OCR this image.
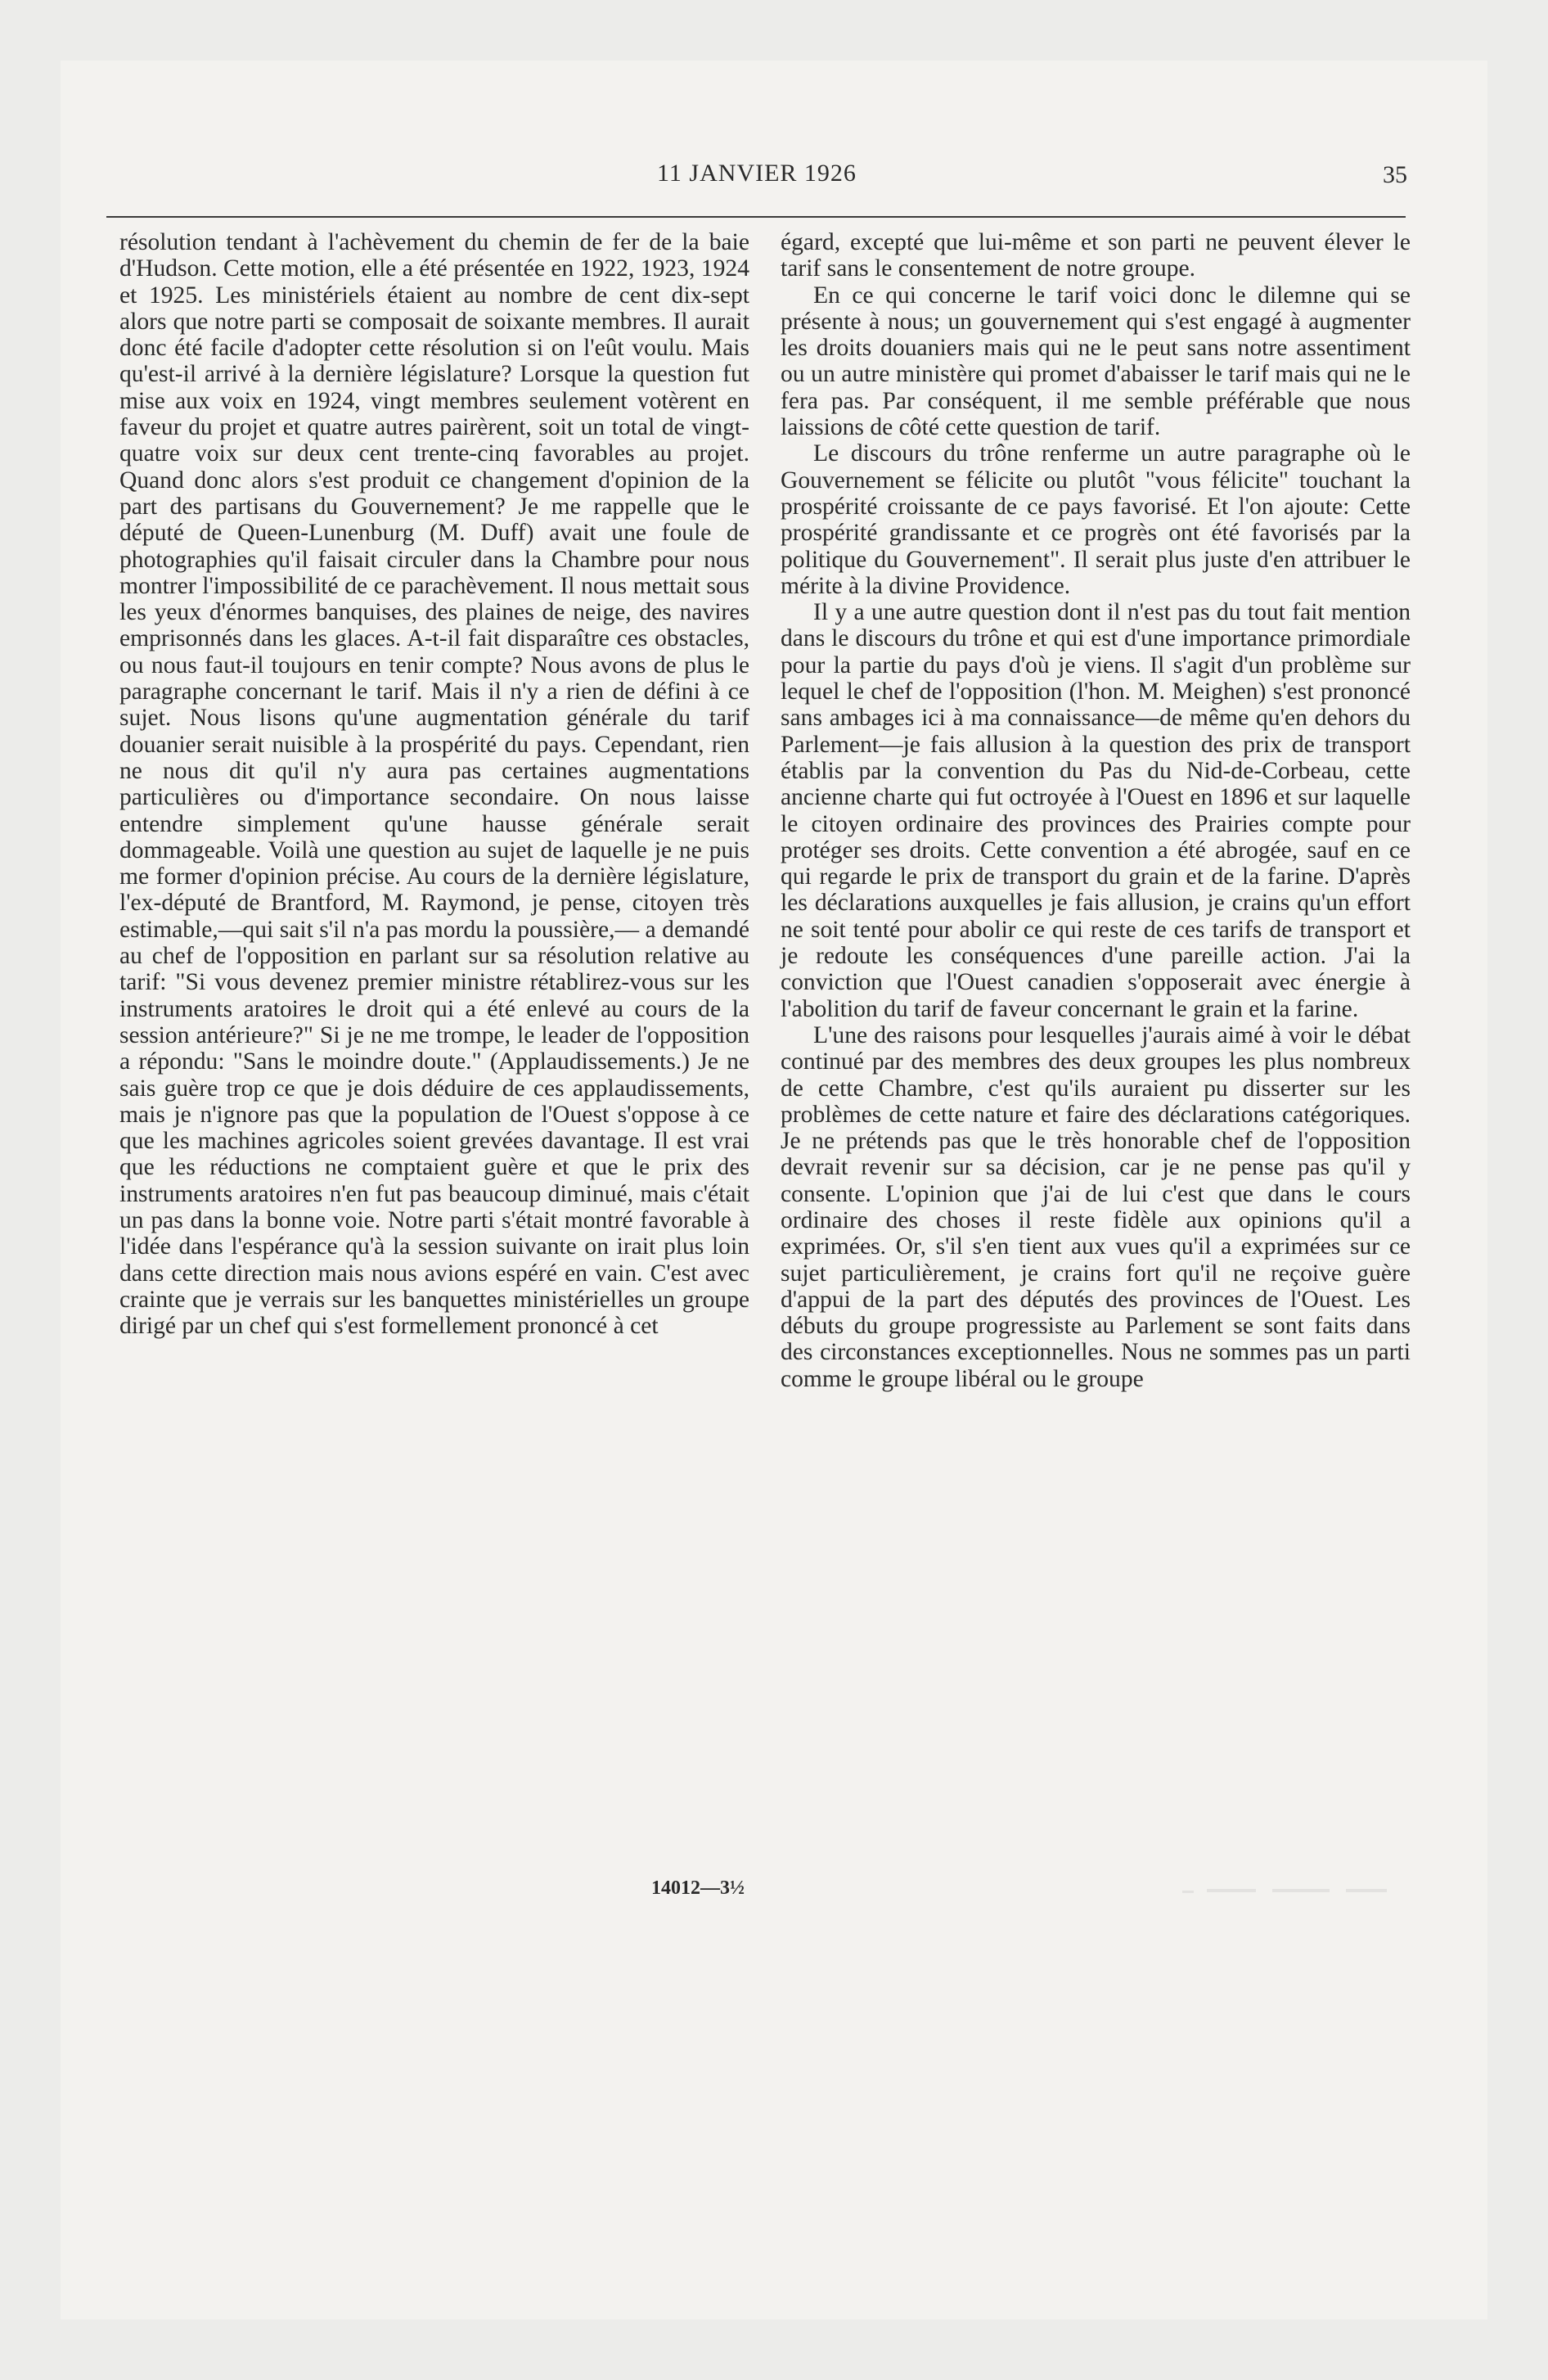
11 JANVIER 1926	35

résolution tendant à l'achèvement du chemin de fer de la baie d'Hudson. Cette motion, elle a été présentée en 1922, 1923, 1924 et 1925. Les ministériels étaient au nombre de cent dix-sept alors que notre parti se composait de soixante membres. Il aurait donc été facile d'adopter cette résolution si on l'eût voulu. Mais qu'est-il arrivé à la dernière législature? Lorsque la question fut mise aux voix en 1924, vingt membres seulement votèrent en faveur du projet et quatre autres pairèrent, soit un total de vingt-quatre voix sur deux cent trente-cinq favorables au projet. Quand donc alors s'est produit ce changement d'opinion de la part des partisans du Gouvernement? Je me rappelle que le député de Queen-Lunenburg (M. Duff) avait une foule de photographies qu'il faisait circuler dans la Chambre pour nous montrer l'impossibilité de ce parachèvement. Il nous mettait sous les yeux d'énormes banquises, des plaines de neige, des navires emprisonnés dans les glaces. A-t-il fait disparaître ces obstacles, ou nous faut-il toujours en tenir compte? Nous avons de plus le paragraphe concernant le tarif. Mais il n'y a rien de défini à ce sujet. Nous lisons qu'une augmentation générale du tarif douanier serait nuisible à la prospérité du pays. Cependant, rien ne nous dit qu'il n'y aura pas certaines augmentations particulières ou d'importance secondaire. On nous laisse entendre simplement qu'une hausse générale serait dommageable. Voilà une question au sujet de laquelle je ne puis me former d'opinion précise. Au cours de la dernière législature, l'ex-député de Brantford, M. Raymond, je pense, citoyen très estimable,—qui sait s'il n'a pas mordu la poussière,— a demandé au chef de l'opposition en parlant sur sa résolution relative au tarif: "Si vous devenez premier ministre rétablirez-vous sur les instruments aratoires le droit qui a été enlevé au cours de la session antérieure?" Si je ne me trompe, le leader de l'opposition a répondu: "Sans le moindre doute." (Applaudissements.) Je ne sais guère trop ce que je dois déduire de ces applaudissements, mais je n'ignore pas que la population de l'Ouest s'oppose à ce que les machines agricoles soient grevées davantage. Il est vrai que les réductions ne comptaient guère et que le prix des instruments aratoires n'en fut pas beaucoup diminué, mais c'était un pas dans la bonne voie. Notre parti s'était montré favorable à l'idée dans l'espérance qu'à la session suivante on irait plus loin dans cette direction mais nous avions espéré en vain. C'est avec crainte que je verrais sur les banquettes ministérielles un groupe dirigé par un chef qui s'est formellement prononcé à cet

égard, excepté que lui-même et son parti ne peuvent élever le tarif sans le consentement de notre groupe.

En ce qui concerne le tarif voici donc le dilemne qui se présente à nous; un gouvernement qui s'est engagé à augmenter les droits douaniers mais qui ne le peut sans notre assentiment ou un autre ministère qui promet d'abaisser le tarif mais qui ne le fera pas. Par conséquent, il me semble préférable que nous laissions de côté cette question de tarif.

Le discours du trône renferme un autre paragraphe où le Gouvernement se félicite ou plutôt "vous félicite" touchant la prospérité croissante de ce pays favorisé. Et l'on ajoute: Cette prospérité grandissante et ce progrès ont été favorisés par la politique du Gouvernement". Il serait plus juste d'en attribuer le mérite à la divine Providence.

Il y a une autre question dont il n'est pas du tout fait mention dans le discours du trône et qui est d'une importance primordiale pour la partie du pays d'où je viens. Il s'agit d'un problème sur lequel le chef de l'opposition (l'hon. M. Meighen) s'est prononcé sans ambages ici à ma connaissance—de même qu'en dehors du Parlement—je fais allusion à la question des prix de transport établis par la convention du Pas du Nid-de-Corbeau, cette ancienne charte qui fut octroyée à l'Ouest en 1896 et sur laquelle le citoyen ordinaire des provinces des Prairies compte pour protéger ses droits. Cette convention a été abrogée, sauf en ce qui regarde le prix de transport du grain et de la farine. D'après les déclarations auxquelles je fais allusion, je crains qu'un effort ne soit tenté pour abolir ce qui reste de ces tarifs de transport et je redoute les conséquences d'une pareille action. J'ai la conviction que l'Ouest canadien s'opposerait avec énergie à l'abolition du tarif de faveur concernant le grain et la farine.

L'une des raisons pour lesquelles j'aurais aimé à voir le débat continué par des membres des deux groupes les plus nombreux de cette Chambre, c'est qu'ils auraient pu disserter sur les problèmes de cette nature et faire des déclarations catégoriques. Je ne prétends pas que le très honorable chef de l'opposition devrait revenir sur sa décision, car je ne pense pas qu'il y consente. L'opinion que j'ai de lui c'est que dans le cours ordinaire des choses il reste fidèle aux opinions qu'il a exprimées. Or, s'il s'en tient aux vues qu'il a exprimées sur ce sujet particulièrement, je crains fort qu'il ne reçoive guère d'appui de la part des députés des provinces de l'Ouest. Les débuts du groupe progressiste au Parlement se sont faits dans des circonstances exceptionnelles. Nous ne sommes pas un parti comme le groupe libéral ou le groupe

14012—3½
